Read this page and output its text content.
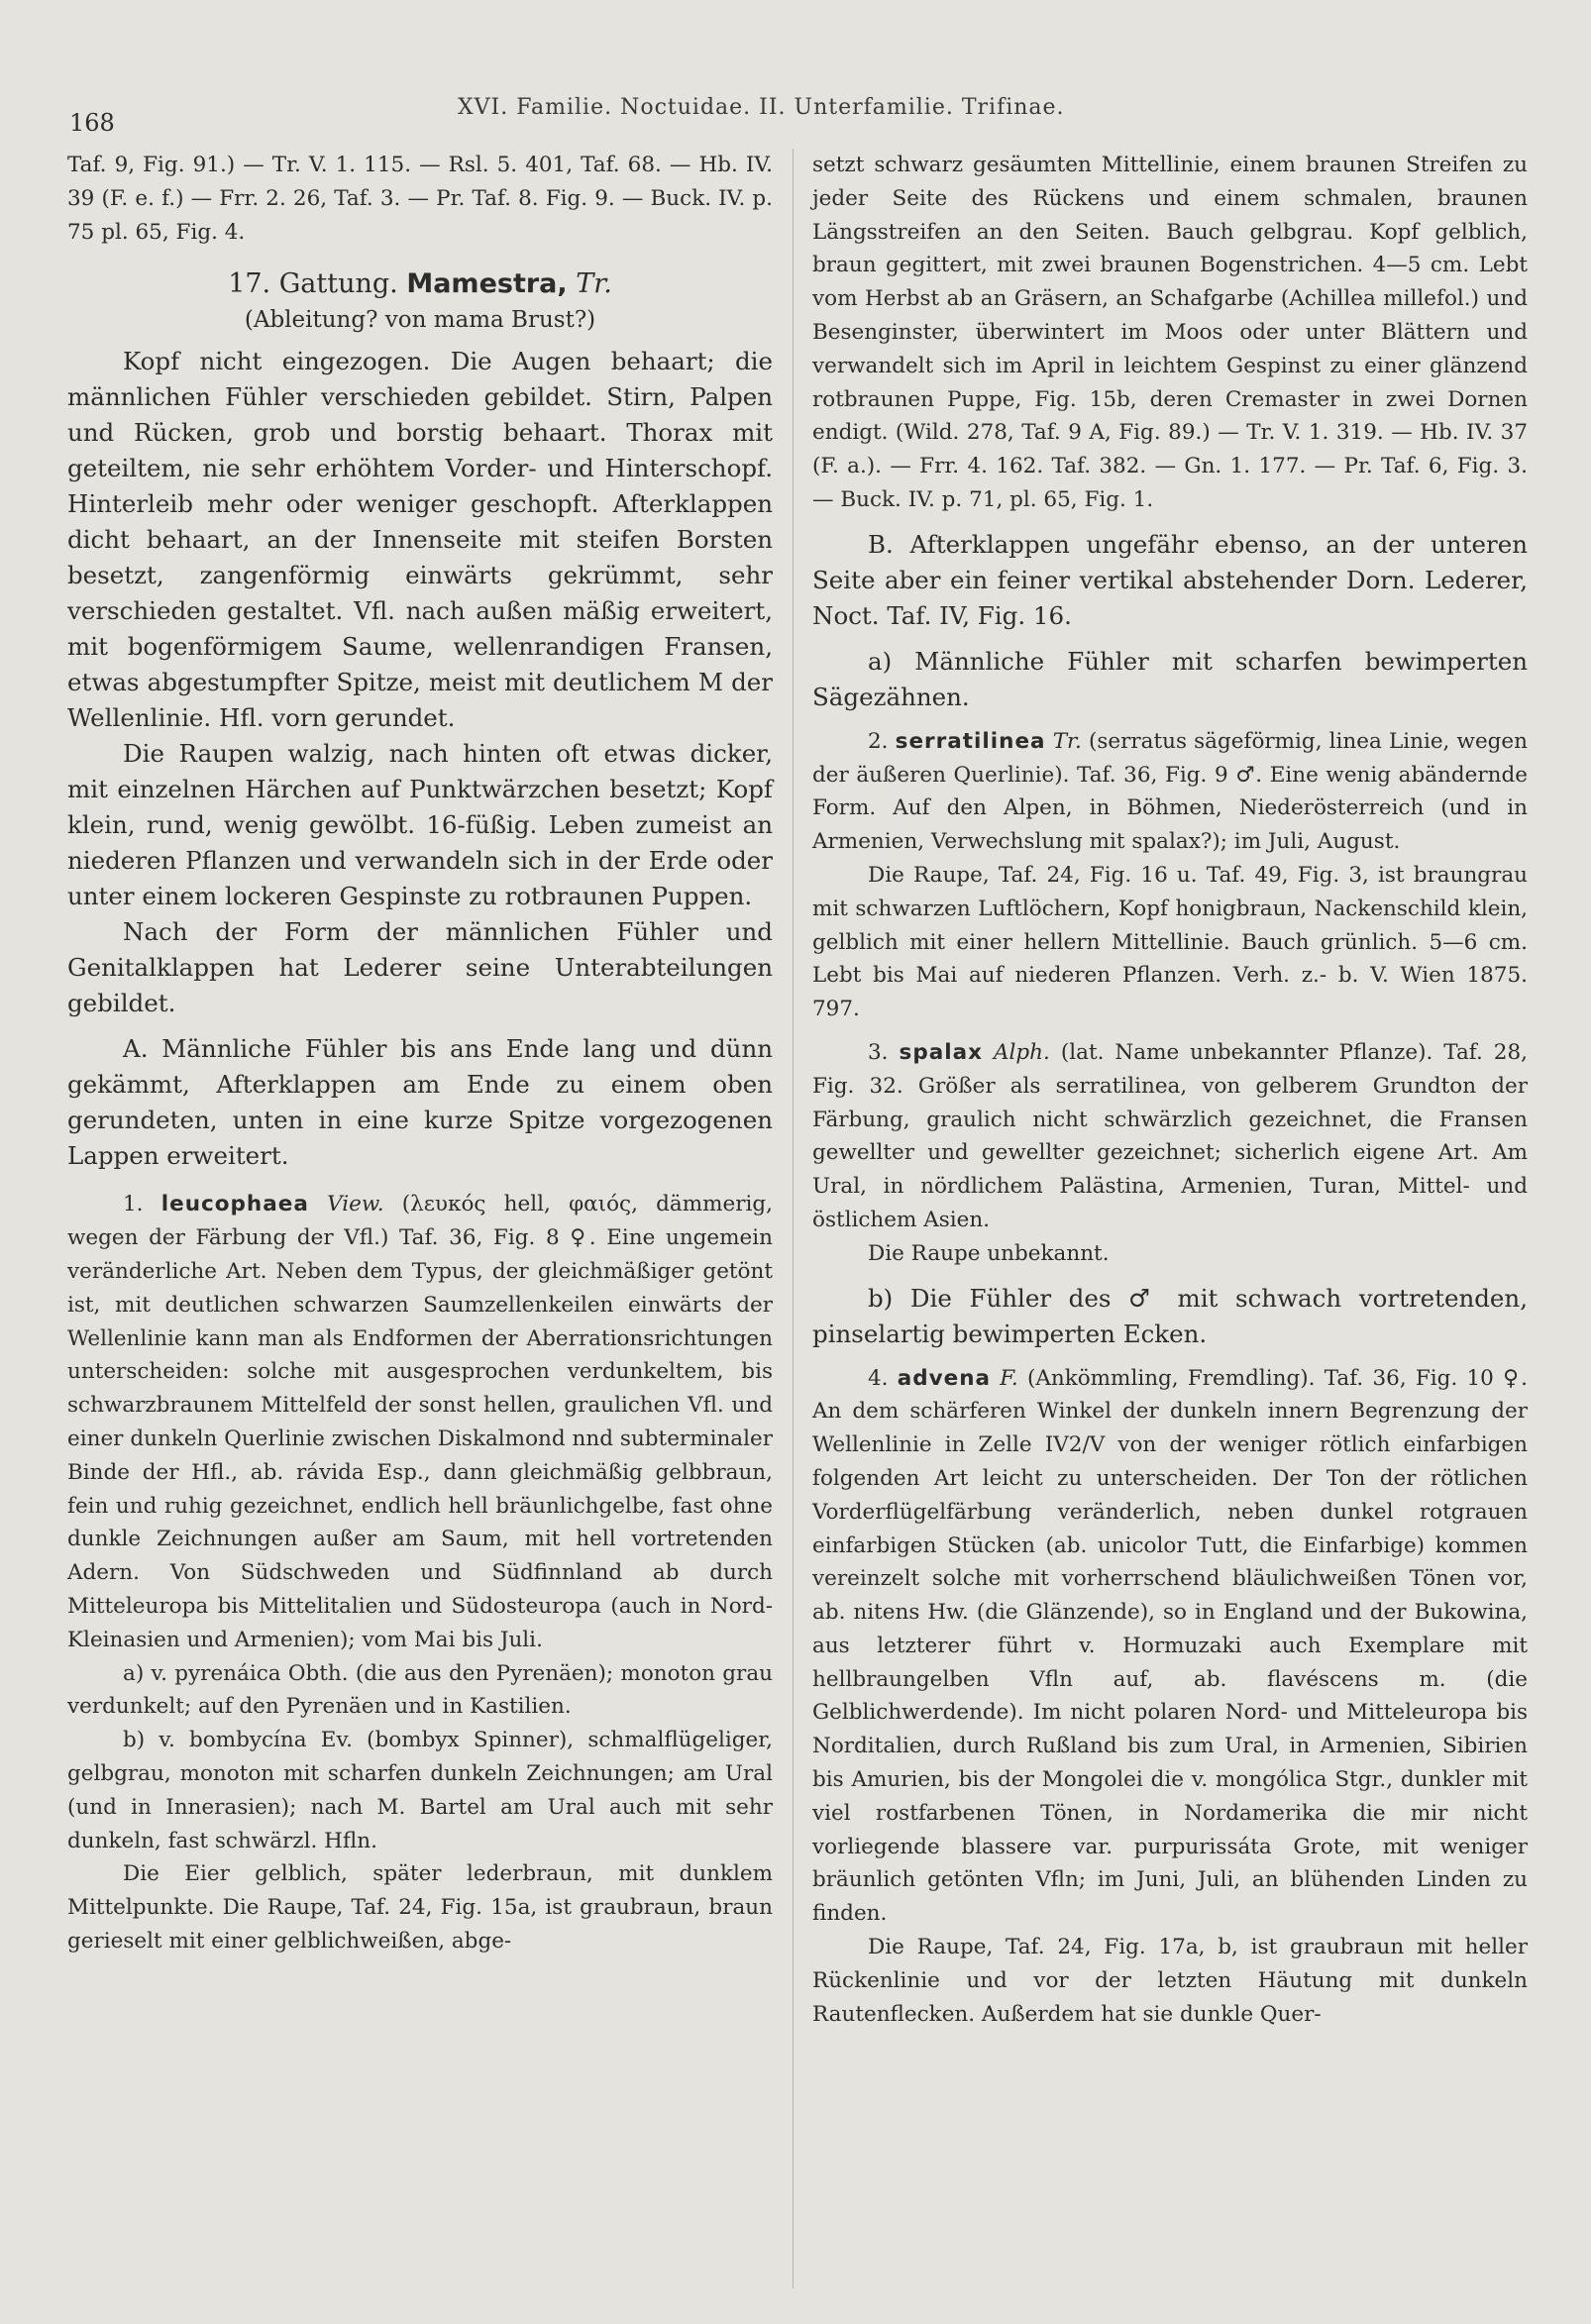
168
XVI. Familie. Noctuidae. II. Unterfamilie. Trifinae.

Taf. 9, Fig. 91.) — Tr. V. 1. 115. — Rsl. 5. 401, Taf. 68. — Hb. IV. 39 (F. e. f.) — Frr. 2. 26, Taf. 3. — Pr. Taf. 8. Fig. 9. — Buck. IV. p. 75 pl. 65, Fig. 4.

17. Gattung. Mamestra, Tr.

(Ableitung? von mama Brust?)

Kopf nicht eingezogen. Die Augen behaart; die männlichen Fühler verschieden gebildet. Stirn, Palpen und Rücken, grob und borstig behaart. Thorax mit geteiltem, nie sehr erhöhtem Vorder- und Hinterschopf. Hinterleib mehr oder weniger geschopft. Afterklappen dicht behaart, an der Innenseite mit steifen Borsten besetzt, zangenförmig einwärts gekrümmt, sehr verschieden gestaltet. Vfl. nach außen mäßig erweitert, mit bogenförmigem Saume, wellenrandigen Fransen, etwas abgestumpfter Spitze, meist mit deutlichem M der Wellenlinie. Hfl. vorn gerundet.

Die Raupen walzig, nach hinten oft etwas dicker, mit einzelnen Härchen auf Punktwärzchen besetzt; Kopf klein, rund, wenig gewölbt. 16-füßig. Leben zumeist an niederen Pflanzen und verwandeln sich in der Erde oder unter einem lockeren Gespinste zu rotbraunen Puppen.

Nach der Form der männlichen Fühler und Genitalklappen hat Lederer seine Unterabteilungen gebildet.

A. Männliche Fühler bis ans Ende lang und dünn gekämmt, Afterklappen am Ende zu einem oben gerundeten, unten in eine kurze Spitze vorgezogenen Lappen erweitert.

1. leucophaea View. (λευκός hell, φαιός, dämmerig, wegen der Färbung der Vfl.) Taf. 36, Fig. 8 ♀. Eine ungemein veränderliche Art. Neben dem Typus, der gleichmäßiger getönt ist, mit deutlichen schwarzen Saumzellenkeilen einwärts der Wellenlinie kann man als Endformen der Aberrationsrichtungen unterscheiden: solche mit ausgesprochen verdunkeltem, bis schwarzbraunem Mittelfeld der sonst hellen, graulichen Vfl. und einer dunkeln Querlinie zwischen Diskalmond nnd subterminaler Binde der Hfl., ab. rávida Esp., dann gleichmäßig gelbbraun, fein und ruhig gezeichnet, endlich hell bräunlichgelbe, fast ohne dunkle Zeichnungen außer am Saum, mit hell vortretenden Adern. Von Südschweden und Südfinnland ab durch Mitteleuropa bis Mittelitalien und Südosteuropa (auch in Nord-Kleinasien und Armenien); vom Mai bis Juli.

a) v. pyrenáica Obth. (die aus den Pyrenäen); monoton grau verdunkelt; auf den Pyrenäen und in Kastilien.

b) v. bombycína Ev. (bombyx Spinner), schmalflügeliger, gelbgrau, monoton mit scharfen dunkeln Zeichnungen; am Ural (und in Innerasien); nach M. Bartel am Ural auch mit sehr dunkeln, fast schwärzl. Hfln.

Die Eier gelblich, später lederbraun, mit dunklem Mittelpunkte. Die Raupe, Taf. 24, Fig. 15a, ist graubraun, braun gerieselt mit einer gelblichweißen, abge-

setzt schwarz gesäumten Mittellinie, einem braunen Streifen zu jeder Seite des Rückens und einem schmalen, braunen Längsstreifen an den Seiten. Bauch gelbgrau. Kopf gelblich, braun gegittert, mit zwei braunen Bogenstrichen. 4—5 cm. Lebt vom Herbst ab an Gräsern, an Schafgarbe (Achillea millefol.) und Besenginster, überwintert im Moos oder unter Blättern und verwandelt sich im April in leichtem Gespinst zu einer glänzend rotbraunen Puppe, Fig. 15b, deren Cremaster in zwei Dornen endigt. (Wild. 278, Taf. 9 A, Fig. 89.) — Tr. V. 1. 319. — Hb. IV. 37 (F. a.). — Frr. 4. 162. Taf. 382. — Gn. 1. 177. — Pr. Taf. 6, Fig. 3. — Buck. IV. p. 71, pl. 65, Fig. 1.

B. Afterklappen ungefähr ebenso, an der unteren Seite aber ein feiner vertikal abstehender Dorn. Lederer, Noct. Taf. IV, Fig. 16.

a) Männliche Fühler mit scharfen bewimperten Sägezähnen.

2. serratilinea Tr. (serratus sägeförmig, linea Linie, wegen der äußeren Querlinie). Taf. 36, Fig. 9 ♂. Eine wenig abändernde Form. Auf den Alpen, in Böhmen, Niederösterreich (und in Armenien, Verwechslung mit spalax?); im Juli, August.

Die Raupe, Taf. 24, Fig. 16 u. Taf. 49, Fig. 3, ist braungrau mit schwarzen Luftlöchern, Kopf honigbraun, Nackenschild klein, gelblich mit einer hellern Mittellinie. Bauch grünlich. 5—6 cm. Lebt bis Mai auf niederen Pflanzen. Verh. z.- b. V. Wien 1875. 797.

3. spalax Alph. (lat. Name unbekannter Pflanze). Taf. 28, Fig. 32. Größer als serratilinea, von gelberem Grundton der Färbung, graulich nicht schwärzlich gezeichnet, die Fransen gewellter und gewellter gezeichnet; sicherlich eigene Art. Am Ural, in nördlichem Palästina, Armenien, Turan, Mittel- und östlichem Asien.

Die Raupe unbekannt.

b) Die Fühler des ♂ mit schwach vortretenden, pinselartig bewimperten Ecken.

4. advena F. (Ankömmling, Fremdling). Taf. 36, Fig. 10 ♀. An dem schärferen Winkel der dunkeln innern Begrenzung der Wellenlinie in Zelle IV2/V von der weniger rötlich einfarbigen folgenden Art leicht zu unterscheiden. Der Ton der rötlichen Vorderflügelfärbung veränderlich, neben dunkel rotgrauen einfarbigen Stücken (ab. unicolor Tutt, die Einfarbige) kommen vereinzelt solche mit vorherrschend bläulichweißen Tönen vor, ab. nitens Hw. (die Glänzende), so in England und der Bukowina, aus letzterer führt v. Hormuzaki auch Exemplare mit hellbraungelben Vfln auf, ab. flavéscens m. (die Gelblichwerdende). Im nicht polaren Nord- und Mitteleuropa bis Norditalien, durch Rußland bis zum Ural, in Armenien, Sibirien bis Amurien, bis der Mongolei die v. mongólica Stgr., dunkler mit viel rostfarbenen Tönen, in Nordamerika die mir nicht vorliegende blassere var. purpurissáta Grote, mit weniger bräunlich getönten Vfln; im Juni, Juli, an blühenden Linden zu finden.

Die Raupe, Taf. 24, Fig. 17a, b, ist graubraun mit heller Rückenlinie und vor der letzten Häutung mit dunkeln Rautenflecken. Außerdem hat sie dunkle Quer-
